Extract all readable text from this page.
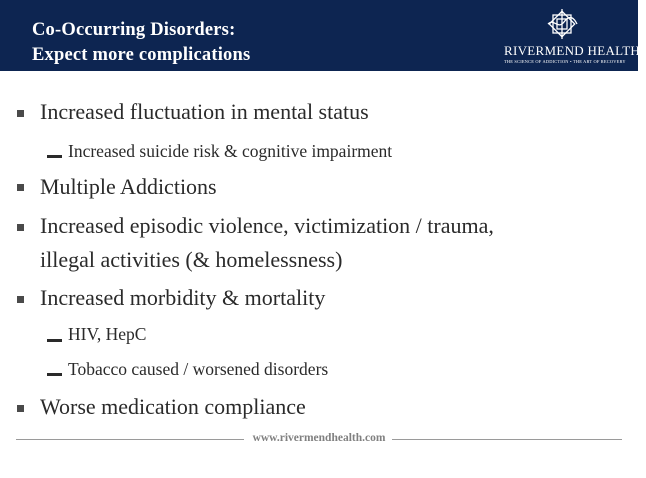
Co-Occurring Disorders:
Expect more complications	RIVERMEND HEALTH™
THE SCIENCE OF ADDICTION • THE ART OF RECOVERY
Increased fluctuation in mental status
Increased suicide risk & cognitive impairment
Multiple Addictions
Increased episodic violence, victimization / trauma,
illegal activities (& homelessness)
Increased morbidity & mortality
HIV, HepC
Tobacco caused / worsened disorders
Worse medication compliance
www.rivermendhealth.com
